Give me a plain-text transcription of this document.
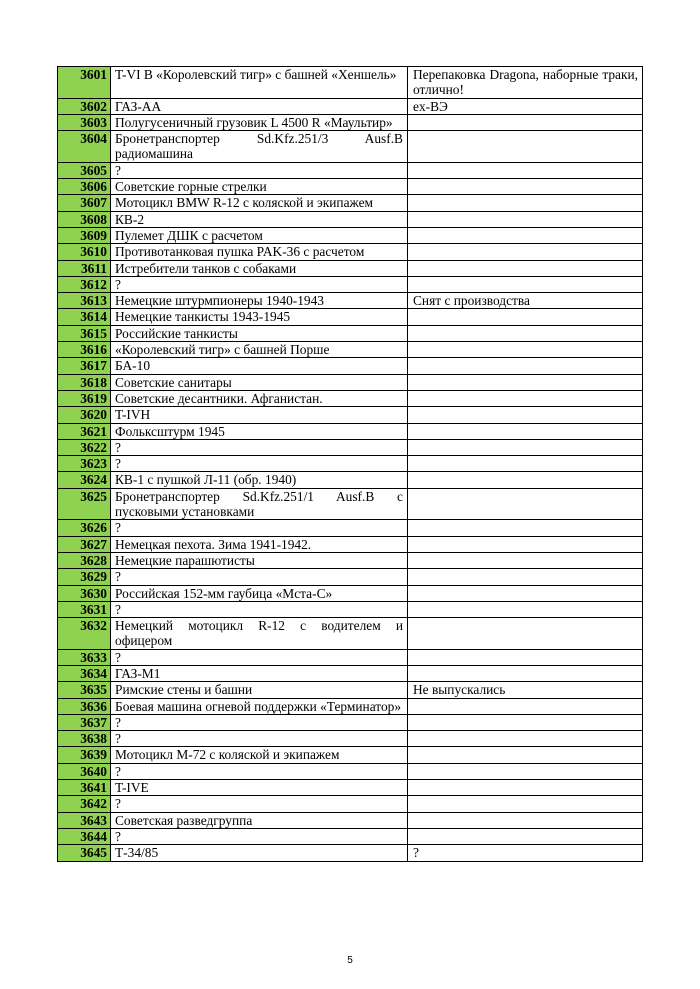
3601	T-VI B «Королевский тигр» с башней «Хеншель»	Перепаковка Dragona, наборные траки, отлично!
3602	ГАЗ-АА	ex-ВЭ
3603	Полугусеничный грузовик L 4500 R «Маультир»	
3604	Бронетранспортер Sd.Kfz.251/3 Ausf.B радиомашина	
3605	?	
3606	Советские горные стрелки	
3607	Мотоцикл BMW R-12 с коляской и экипажем	
3608	КВ-2	
3609	Пулемет ДШК с расчетом	
3610	Противотанковая пушка PAK-36 с расчетом	
3611	Истребители танков с собаками	
3612	?	
3613	Немецкие штурмпионеры 1940-1943	Снят с производства
3614	Немецкие танкисты 1943-1945	
3615	Российские танкисты	
3616	«Королевский тигр» с башней Порше	
3617	БА-10	
3618	Советские санитары	
3619	Советские десантники. Афганистан.	
3620	T-IVH	
3621	Фольксштурм 1945	
3622	?	
3623	?	
3624	КВ-1 с пушкой Л-11 (обр. 1940)	
3625	Бронетранспортер Sd.Kfz.251/1 Ausf.B с пусковыми установками	
3626	?	
3627	Немецкая пехота. Зима 1941-1942.	
3628	Немецкие парашютисты	
3629	?	
3630	Российская 152-мм гаубица «Мста-С»	
3631	?	
3632	Немецкий мотоцикл R-12 с водителем и офицером	
3633	?	
3634	ГАЗ-М1	
3635	Римские стены и башни	Не выпускались
3636	Боевая машина огневой поддержки «Терминатор»	
3637	?	
3638	?	
3639	Мотоцикл М-72 с коляской и экипажем	
3640	?	
3641	T-IVE	
3642	?	
3643	Советская разведгруппа	
3644	?	
3645	Т-34/85	?
5
